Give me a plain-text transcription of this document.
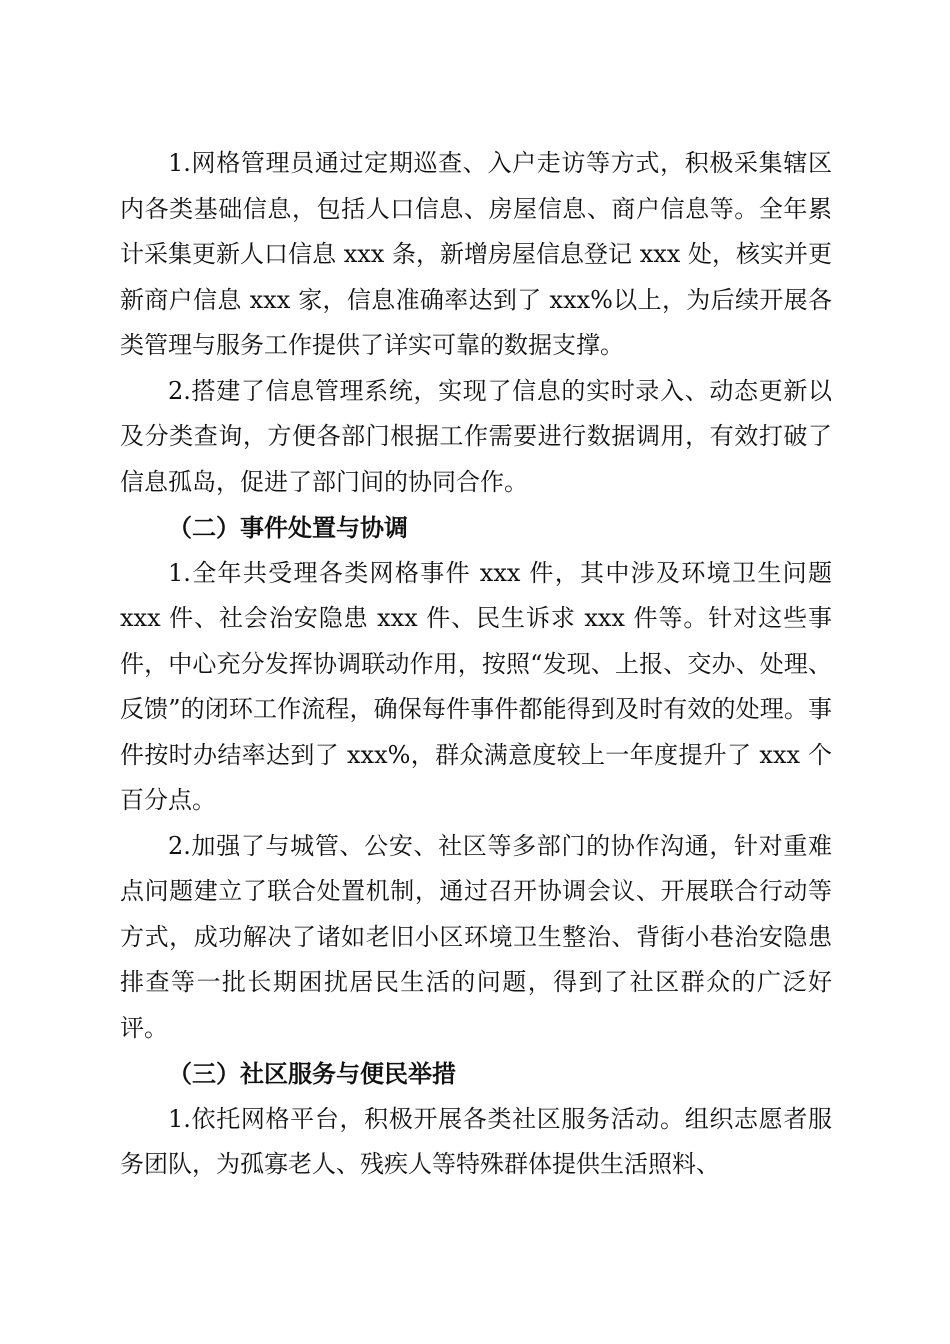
1.网格管理员通过定期巡查、入户走访等方式，积极采集辖区内各类基础信息，包括人口信息、房屋信息、商户信息等。全年累计采集更新人口信息 xxx 条，新增房屋信息登记 xxx 处，核实并更新商户信息 xxx 家，信息准确率达到了 xxx%以上，为后续开展各类管理与服务工作提供了详实可靠的数据支撑。

2.搭建了信息管理系统，实现了信息的实时录入、动态更新以及分类查询，方便各部门根据工作需要进行数据调用，有效打破了信息孤岛，促进了部门间的协同合作。

（二）事件处置与协调

1.全年共受理各类网格事件 xxx 件，其中涉及环境卫生问题 xxx 件、社会治安隐患 xxx 件、民生诉求 xxx 件等。针对这些事件，中心充分发挥协调联动作用，按照“发现、上报、交办、处理、反馈”的闭环工作流程，确保每件事件都能得到及时有效的处理。事件按时办结率达到了 xxx%，群众满意度较上一年度提升了 xxx 个百分点。

2.加强了与城管、公安、社区等多部门的协作沟通，针对重难点问题建立了联合处置机制，通过召开协调会议、开展联合行动等方式，成功解决了诸如老旧小区环境卫生整治、背街小巷治安隐患排查等一批长期困扰居民生活的问题，得到了社区群众的广泛好评。

（三）社区服务与便民举措

1.依托网格平台，积极开展各类社区服务活动。组织志愿者服务团队，为孤寡老人、残疾人等特殊群体提供生活照料、
